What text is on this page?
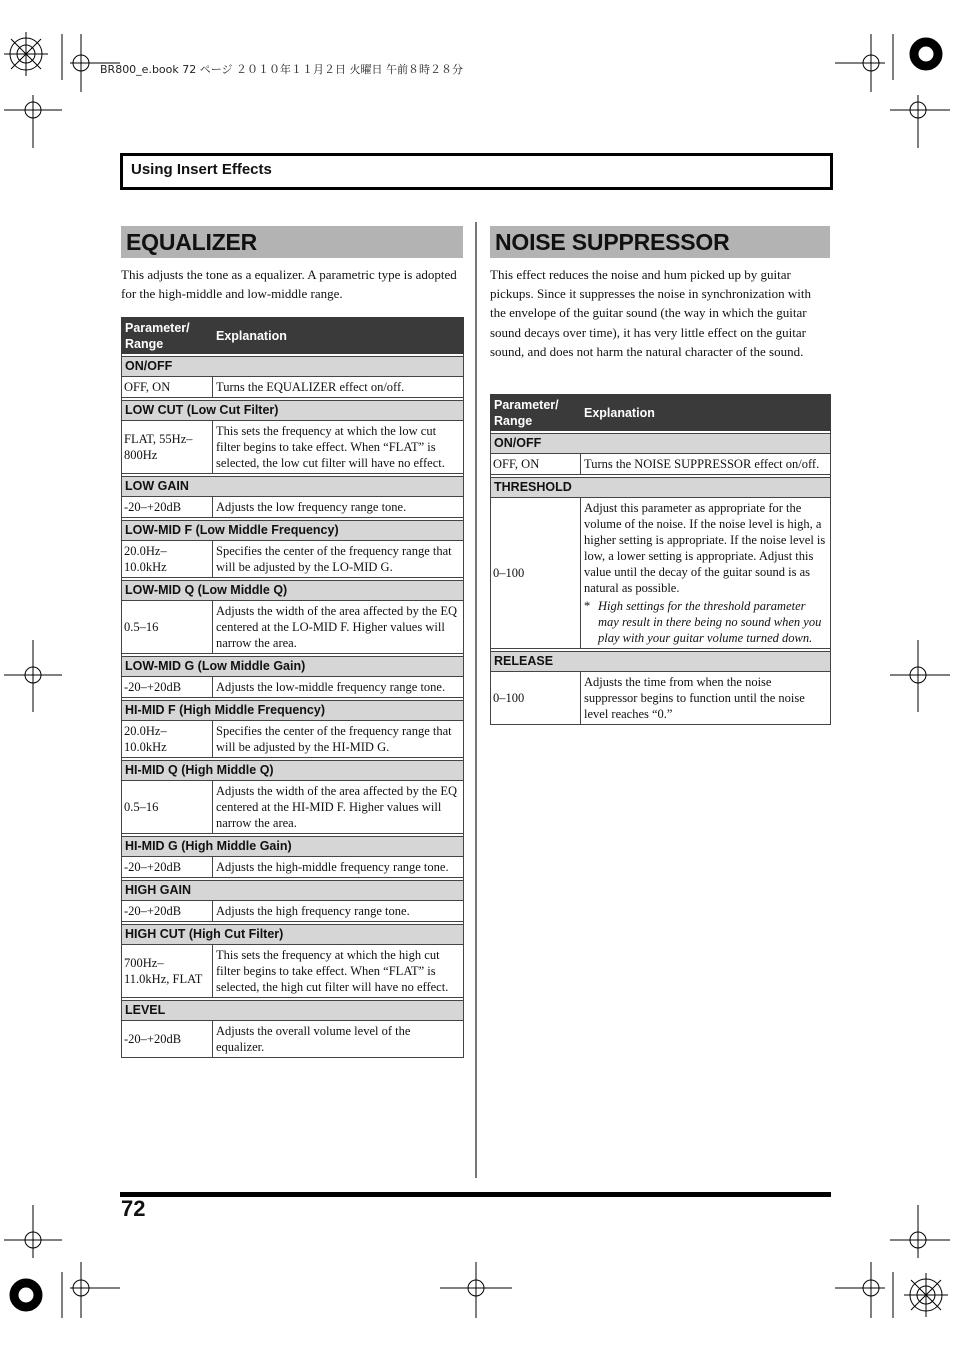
BR800_e.book 72 ページ ２０１０年１１月２日 火曜日 午前８時２８分
Using Insert Effects
EQUALIZER
This adjusts the tone as a equalizer. A parametric type is adopted for the high-middle and low-middle range.
Parameter/ Range	Explanation

ON/OFF	
OFF, ON	Turns the EQUALIZER effect on/off.

LOW CUT (Low Cut Filter)	
FLAT, 55Hz–800Hz	This sets the frequency at which the low cut filter begins to take effect. When “FLAT” is selected, the low cut filter will have no effect.

LOW GAIN	
-20–+20dB	Adjusts the low frequency range tone.

LOW-MID F (Low Middle Frequency)	
20.0Hz– 10.0kHz	Specifies the center of the frequency range that will be adjusted by the LO-MID G.

LOW-MID Q (Low Middle Q)	
0.5–16	Adjusts the width of the area affected by the EQ centered at the LO-MID F. Higher values will narrow the area.

LOW-MID G (Low Middle Gain)	
-20–+20dB	Adjusts the low-middle frequency range tone.

HI-MID F (High Middle Frequency)	
20.0Hz– 10.0kHz	Specifies the center of the frequency range that will be adjusted by the HI-MID G.

HI-MID Q (High Middle Q)	
0.5–16	Adjusts the width of the area affected by the EQ centered at the HI-MID F. Higher values will narrow the area.

HI-MID G (High Middle Gain)	
-20–+20dB	Adjusts the high-middle frequency range tone.

HIGH GAIN	
-20–+20dB	Adjusts the high frequency range tone.

HIGH CUT (High Cut Filter)	
700Hz– 11.0kHz, FLAT	This sets the frequency at which the high cut filter begins to take effect. When “FLAT” is selected, the high cut filter will have no effect.

LEVEL	
-20–+20dB	Adjusts the overall volume level of the equalizer.
NOISE SUPPRESSOR
This effect reduces the noise and hum picked up by guitar pickups. Since it suppresses the noise in synchronization with the envelope of the guitar sound (the way in which the guitar sound decays over time), it has very little effect on the guitar sound, and does not harm the natural character of the sound.
Parameter/ Range	Explanation

ON/OFF	
OFF, ON	Turns the NOISE SUPPRESSOR effect on/off.

THRESHOLD	
0–100	Adjust this parameter as appropriate for the volume of the noise. If the noise level is high, a higher setting is appropriate. If the noise level is low, a lower setting is appropriate. Adjust this value until the decay of the guitar sound is as natural as possible.
* High settings for the threshold parameter may result in there being no sound when you play with your guitar volume turned down.

RELEASE	
0–100	Adjusts the time from when the noise suppressor begins to function until the noise level reaches “0.”
72
